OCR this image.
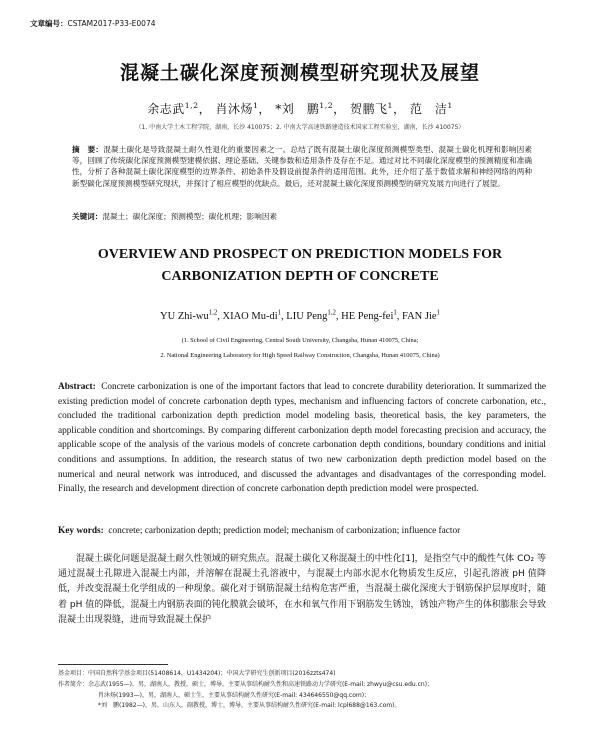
文章编号：CSTAM2017-P33-E0074
混凝土碳化深度预测模型研究现状及展望
余志武$^{1,2}$， 肖沐炀$^1$， *刘　鹏$^{1,2}$， 贺鹏飞$^1$， 范　洁$^1$
（1. 中南大学土木工程学院，湖南，长沙 410075；2. 中南大学高速铁路建造技术国家工程实验室，湖南，长沙 410075）
摘　要：混凝土碳化是导致混凝土耐久性退化的重要因素之一。总结了既有混凝土碳化深度预测模型类型、混凝土碳化机理和影响因素等，回顾了传统碳化深度预测模型建模依据、理论基础、关键参数和适用条件及存在不足。通过对比不同碳化深度模型的预测精度和准确性，分析了各种混凝土碳化深度模型的边界条件、初始条件及假设前提条件的适用范围。此外，还介绍了基于数值求解和神经网络的两种新型碳化深度预测模型研究现状，并探讨了相应模型的优缺点。最后，还对混凝土碳化深度预测模型的研究发展方向进行了展望。
关键词：混凝土；碳化深度；预测模型；碳化机理；影响因素
OVERVIEW AND PROSPECT ON PREDICTION MODELS FOR
CARBONIZATION DEPTH OF CONCRETE
YU Zhi-wu$^{1,2}$, XIAO $Mu-di^1$, LIU Peng$^{1,2}$, HE Peng-fei$^1$, FAN Jie$^1$
(1. School of Civil Engineering, Central South University, Changsha, Hunan 410075, China;
2. National Engineering Laboratory for High Speed Railway Construction, Changsha, Hunan 410075, China)
Abstract: Concrete carbonization is one of the important factors that lead to concrete durability deterioration. It summarized the existing prediction model of concrete carbonation depth types, mechanism and influencing factors of concrete carbonation, etc., concluded the traditional carbonization depth prediction model modeling basis, theoretical basis, the key parameters, the applicable condition and shortcomings. By comparing different carbonization depth model forecasting precision and accuracy, the applicable scope of the analysis of the various models of concrete carbonation depth conditions, boundary conditions and initial conditions and assumptions. In addition, the research status of two new carbonization depth prediction model based on the numerical and neural network was introduced, and discussed the advantages and disadvantages of the corresponding model. Finally, the research and development direction of concrete carbonation depth prediction model were prospected.
Key words: concrete; carbonization depth; prediction model; mechanism of carbonization; influence factor
混凝土碳化问题是混凝土耐久性领域的研究焦点。混凝土碳化又称混凝土的中性化[1]，是指空气中的酸性气体 CO₂ 等通过混凝土孔隙进入混凝土内部，并溶解在混凝土孔溶液中，与混凝土内部水泥水化物质发生反应，引起孔溶液 pH 值降低，并改变混凝土化学组成的一种现象。碳化对于钢筋混凝土结构危害严重，当混凝土碳化深度大于钢筋保护层厚度时，随着 pH 值的降低，混凝土内钢筋表面的钝化膜就会破坏，在水和氧气作用下钢筋发生锈蚀，锈蚀产物产生的体积膨胀会导致混凝土出现裂缝，进而导致混凝土保护
基金项目：中国自然科学基金项目(51408614，U1434204)；中国大学研究生创新项目(2016zzts474)
作者简介：余志武(1955—)，男，湖南人，教授，硕士，博导，主要从事结构耐久性和高速铁路动力学研究(E-mail: zhwyu@csu.edu.cn)；
肖沐炀(1993—)，男，湖南人，硕士生，主要从事结构耐久性研究(E-mail: 434646550@qq.com)；
*刘　鹏(1982—)，男，山东人，副教授，博士，博导，主要从事结构耐久性研究(E-mail: lcpl688@163.com)。
